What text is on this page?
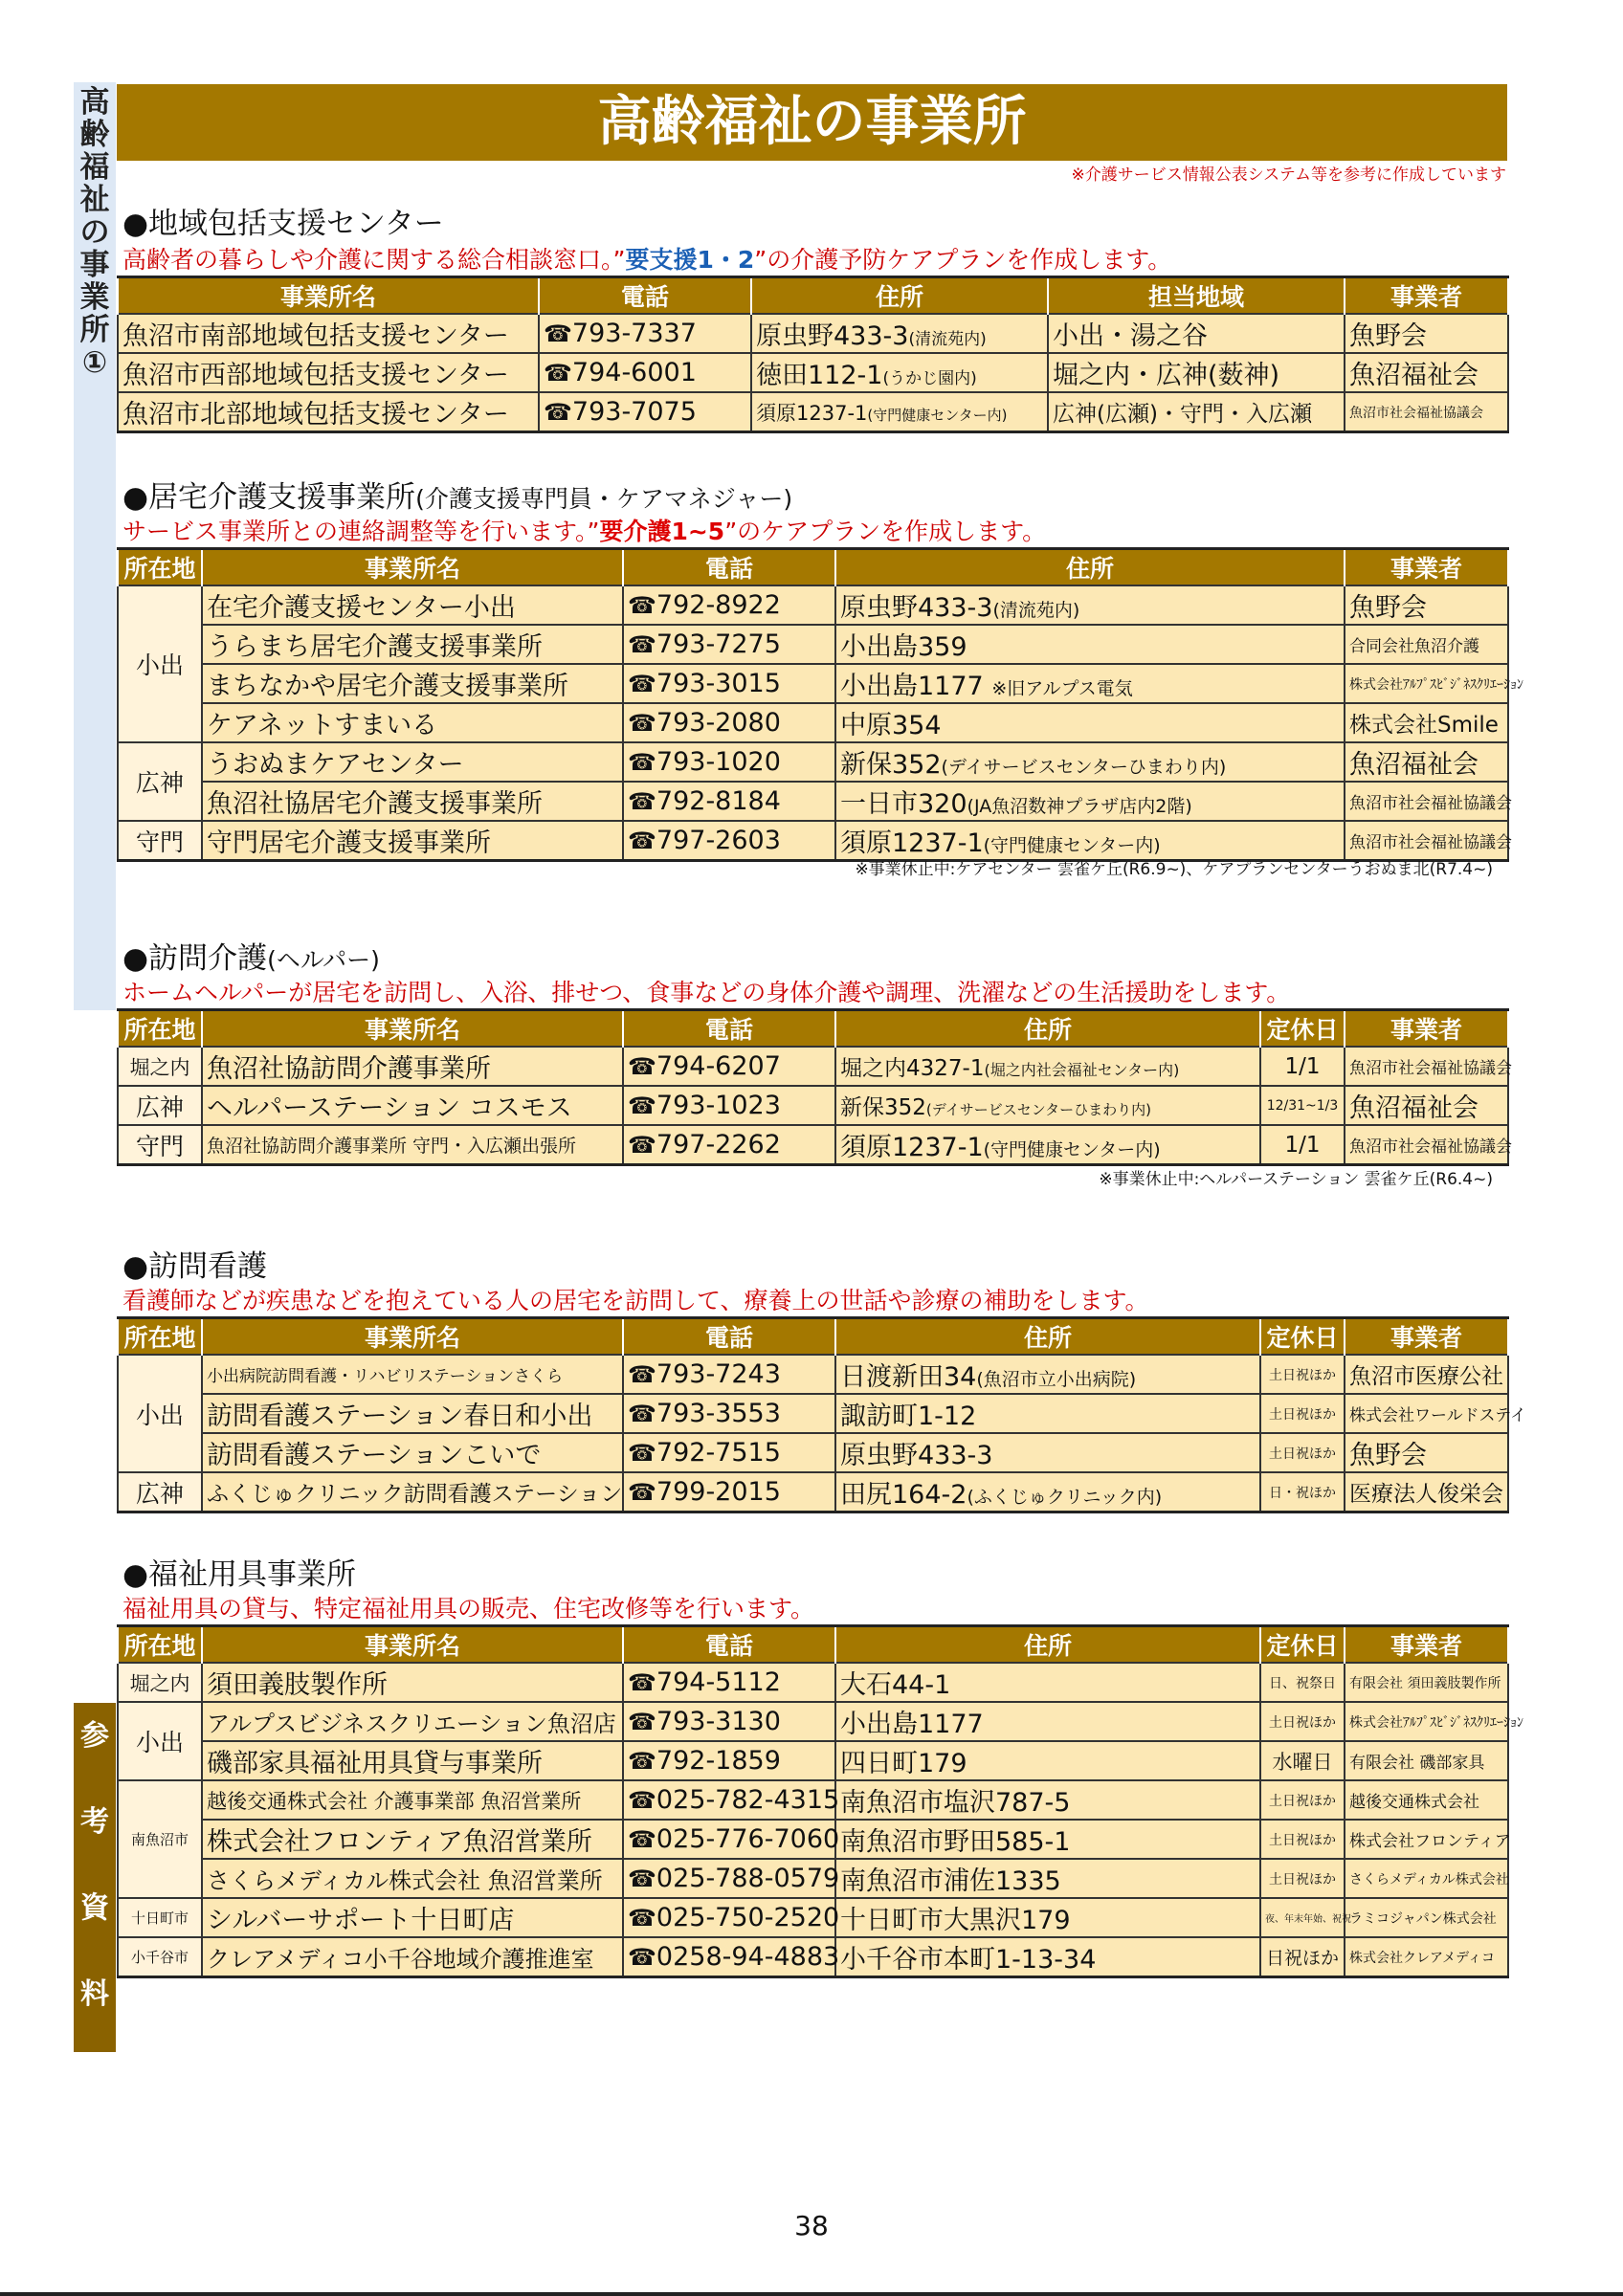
高
齢
福
祉
の
事
業
所
①
参
考
資
料
高齢福祉の事業所
※介護サービス情報公表システム等を参考に作成しています
●地域包括支援センター
高齢者の暮らしや介護に関する総合相談窓口。”要支援1・2”の介護予防ケアプランを作成します。
事業所名	電話	住所	担当地域	事業者
魚沼市南部地域包括支援センター	☎793-7337	原虫野433-3(清流苑内)	小出・湯之谷	魚野会
魚沼市西部地域包括支援センター	☎794-6001	徳田112-1(うかじ園内)	堀之内・広神(薮神)	魚沼福祉会
魚沼市北部地域包括支援センター	☎793-7075	須原1237-1(守門健康センター内)	広神(広瀬)・守門・入広瀬	魚沼市社会福祉協議会
●居宅介護支援事業所(介護支援専門員・ケアマネジャー)
サービス事業所との連絡調整等を行います。”要介護1~5”のケアプランを作成します。
所在地	事業所名	電話	住所	事業者
小出	在宅介護支援センター小出	☎792-8922	原虫野433-3(清流苑内)	魚野会
	うらまち居宅介護支援事業所	☎793-7275	小出島359	合同会社魚沼介護
	まちなかや居宅介護支援事業所	☎793-3015	小出島1177 ※旧アルプス電気	株式会社ｱﾙﾌﾟｽﾋﾞｼﾞﾈｽｸﾘｴｰｼｮﾝ
	ケアネットすまいる	☎793-2080	中原354	株式会社Smile
広神	うおぬまケアセンター	☎793-1020	新保352(デイサービスセンターひまわり内)	魚沼福祉会
	魚沼社協居宅介護支援事業所	☎792-8184	一日市320(JA魚沼数神プラザ店内2階)	魚沼市社会福祉協議会
守門	守門居宅介護支援事業所	☎797-2603	須原1237-1(守門健康センター内)	魚沼市社会福祉協議会
※事業休止中:ケアセンター 雲雀ケ丘(R6.9~)、ケアプランセンターうおぬま北(R7.4~)
●訪問介護(ヘルパー)
ホームヘルパーが居宅を訪問し、入浴、排せつ、食事などの身体介護や調理、洗濯などの生活援助をします。
所在地	事業所名	電話	住所	定休日	事業者
堀之内	魚沼社協訪問介護事業所	☎794-6207	堀之内4327-1(堀之内社会福祉センター内)	1/1	魚沼市社会福祉協議会
広神	ヘルパーステーション コスモス	☎793-1023	新保352(デイサービスセンターひまわり内)	12/31~1/3	魚沼福祉会
守門	魚沼社協訪問介護事業所 守門・入広瀬出張所	☎797-2262	須原1237-1(守門健康センター内)	1/1	魚沼市社会福祉協議会
※事業休止中:ヘルパーステーション 雲雀ケ丘(R6.4~)
●訪問看護
看護師などが疾患などを抱えている人の居宅を訪問して、療養上の世話や診療の補助をします。
所在地	事業所名	電話	住所	定休日	事業者
小出	小出病院訪問看護・リハビリステーションさくら	☎793-7243	日渡新田34(魚沼市立小出病院)	土日祝ほか	魚沼市医療公社
	訪問看護ステーション春日和小出	☎793-3553	諏訪町1-12	土日祝ほか	株式会社ワールドステイ
	訪問看護ステーションこいで	☎792-7515	原虫野433-3	土日祝ほか	魚野会
広神	ふくじゅクリニック訪問看護ステーション	☎799-2015	田尻164-2(ふくじゅクリニック内)	日・祝ほか	医療法人俊栄会
●福祉用具事業所
福祉用具の貸与、特定福祉用具の販売、住宅改修等を行います。
所在地	事業所名	電話	住所	定休日	事業者
堀之内	須田義肢製作所	☎794-5112	大石44-1	日、祝祭日	有限会社 須田義肢製作所
小出	アルプスビジネスクリエーション魚沼店	☎793-3130	小出島1177	土日祝ほか	株式会社ｱﾙﾌﾟｽﾋﾞｼﾞﾈｽｸﾘｴｰｼｮﾝ
	磯部家具福祉用具貸与事業所	☎792-1859	四日町179	水曜日	有限会社 磯部家具
南魚沼市	越後交通株式会社 介護事業部 魚沼営業所	☎025-782-4315	南魚沼市塩沢787-5	土日祝ほか	越後交通株式会社
	株式会社フロンティア魚沼営業所	☎025-776-7060	南魚沼市野田585-1	土日祝ほか	株式会社フロンティア
	さくらメディカル株式会社 魚沼営業所	☎025-788-0579	南魚沼市浦佐1335	土日祝ほか	さくらメディカル株式会社
十日町市	シルバーサポート十日町店	☎025-750-2520	十日町市大黒沢179	夜、年末年始、祝祝	ラミコジャパン株式会社
小千谷市	クレアメディコ小千谷地域介護推進室	☎0258-94-4883	小千谷市本町1-13-34	日祝ほか	株式会社クレアメディコ
38
